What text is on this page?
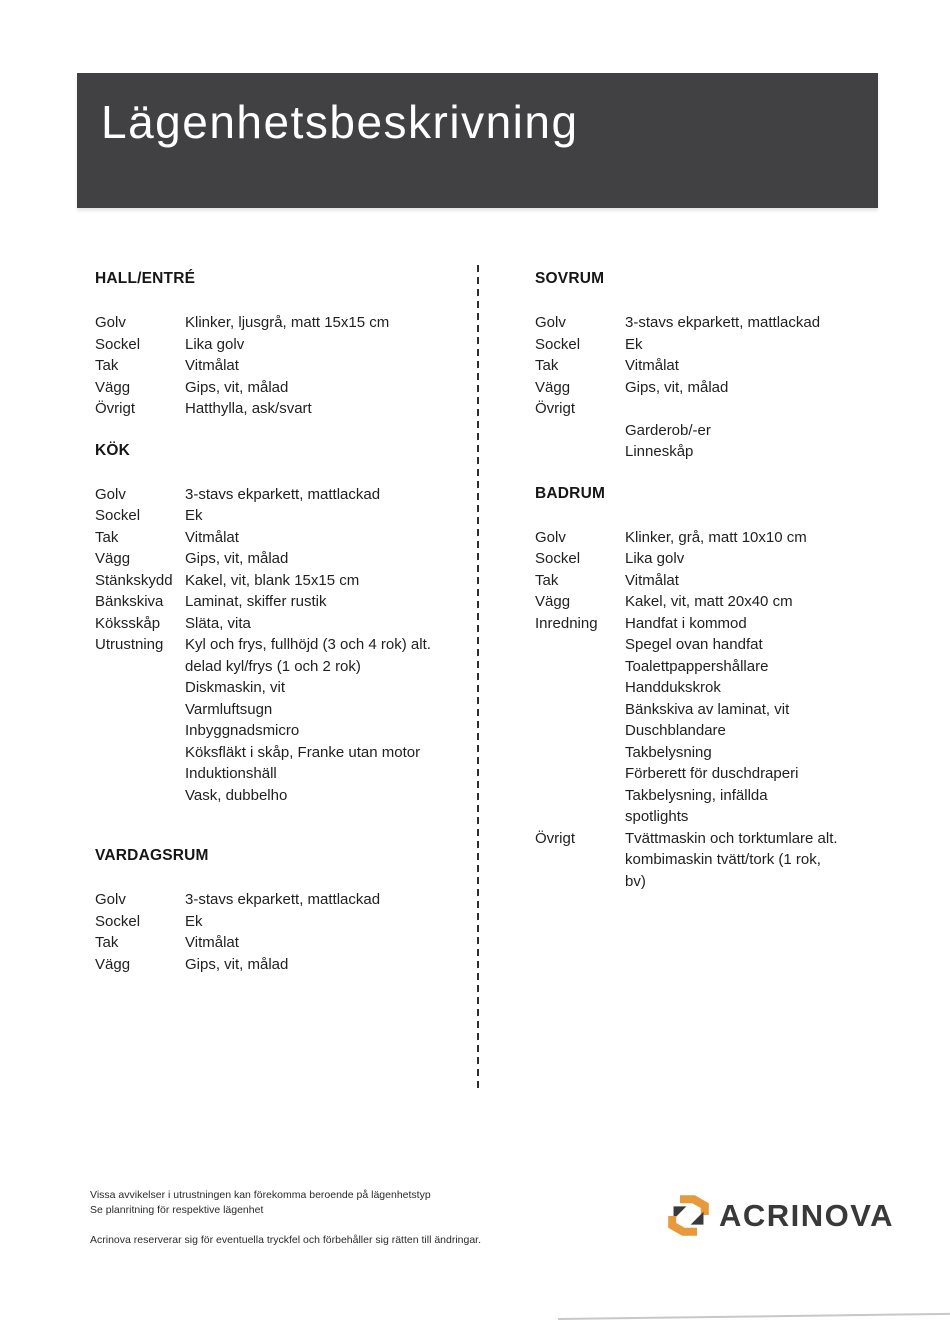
Lägenhetsbeskrivning
HALL/ENTRÉ
Golv	Klinker, ljusgrå, matt 15x15 cm
Sockel	Lika golv
Tak	Vitmålat
Vägg	Gips, vit, målad
Övrigt	Hatthylla, ask/svart
KÖK
Golv	3-stavs ekparkett, mattlackad
Sockel	Ek
Tak	Vitmålat
Vägg	Gips, vit, målad
Stänkskydd Kakel, vit, blank 15x15 cm
Bänkskiva	Laminat, skiffer rustik
Köksskåp	Släta, vita
Utrustning	Kyl och frys, fullhöjd (3 och 4 rok) alt.
delad kyl/frys (1 och 2 rok)
Diskmaskin, vit
Varmluftsugn
Inbyggnadsmicro
Köksfläkt i skåp, Franke utan motor
Induktionshäll
Vask, dubbelho
VARDAGSRUM
Golv	3-stavs ekparkett, mattlackad
Sockel	Ek
Tak	Vitmålat
Vägg	Gips, vit, målad
SOVRUM
Golv	3-stavs ekparkett, mattlackad
Sockel	Ek
Tak	Vitmålat
Vägg	Gips, vit, målad
Övrigt

Garderob/-er
Linneskåp
BADRUM
Golv	Klinker, grå, matt 10x10 cm
Sockel	Lika golv
Tak	Vitmålat
Vägg	Kakel, vit, matt 20x40 cm
Inredning	Handfat i kommod
Spegel ovan handfat
Toalettpappershållare
Handdukskrok
Bänkskiva av laminat, vit
Duschblandare
Takbelysning
Förberett för duschdraperi
Takbelysning, infällda
spotlights
Övrigt	Tvättmaskin och torktumlare alt.
kombimaskin tvätt/tork (1 rok,
bv)
Vissa avvikelser i utrustningen kan förekomma beroende på lägenhetstyp
Se planritning för respektive lägenhet
Acrinova reserverar sig för eventuella tryckfel och förbehåller sig rätten till ändringar.
ACRINOVA
